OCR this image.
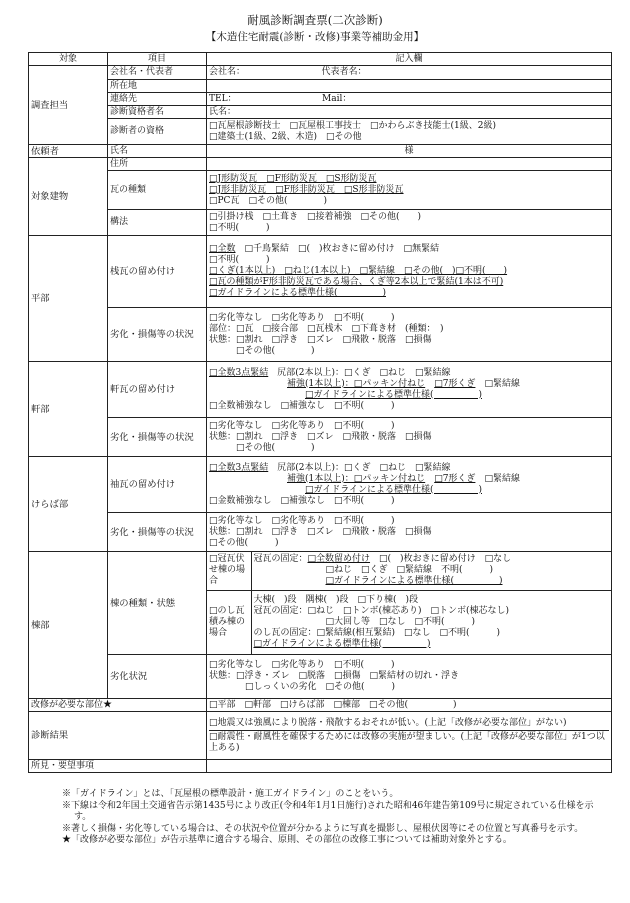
耐風診断調査票(二次診断)
【木造住宅耐震(診断・改修)事業等補助金用】
対象	項目	記入欄
調査担当	会社名・代表者	会社名：　　　　　　　　　代表者名：
所在地	
連絡先	TEL：　　　　　　　　　　Mail：
診断資格者名	氏名：
診断者の資格	
□瓦屋根診断技士　□瓦屋根工事技士　□かわらぶき技能士(1級、2級)
□建築士(1級、2級、木造)　□その他

依頼者	氏名	様
対象建物	住所	
瓦の種類	
□J形防災瓦　□F形防災瓦　□S形防災瓦
□J形非防災瓦　□F形非防災瓦　□S形非防災瓦
□PC瓦　□その他(　　　　)

構法	
□引掛け桟　□土葺き　□接着補強　□その他(　　)
□不明(　　　)

平部	桟瓦の留め付け	
□全数　 □千鳥緊結　□(　)枚おきに留め付け　□無緊結
□不明(　　　)
□くぎ(1本以上)　□ねじ(1本以上)　□緊結線　□その他(　)□不明(　　)
□瓦の種類がF形非防災瓦である場合、くぎ等2本以上で緊結(1本は不可)
□ガイドラインによる標準仕様(　　　　　)

劣化・損傷等の状況	
□劣化等なし　□劣化等あり　□不明(　　　)
部位：□瓦　□接合部　□瓦桟木　□下葺き材　(種類：　)
状態：□割れ　□浮き　□ズレ　□飛散・脱落　□損傷
　　　□その他(　　　　)

軒部	軒瓦の留め付け	
□全数3点緊結　 尻部(2本以上)：□くぎ　□ねじ　□緊結線
補強(1本以上)：□パッキン付ねじ　 □7形くぎ　 □緊結線
□ガイドラインによる標準仕様(　　　　　)
□全数補強なし　□補強なし　□不明(　　　)

劣化・損傷等の状況	
□劣化等なし　□劣化等あり　□不明(　　　)
状態：□割れ　□浮き　□ズレ　□飛散・脱落　□損傷
　　　□その他(　　　　)

けらば部	袖瓦の留め付け	
□全数3点緊結　 尻部(2本以上)：□くぎ　□ねじ　□緊結線
補強(1本以上)：□パッキン付ねじ　 □7形くぎ　 □緊結線
□ガイドラインによる標準仕様(　　　　　)
□金数補強なし　□補強なし　□不明(　　　)

劣化・損傷等の状況	
□劣化等なし　□劣化等あり　□不明(　　　)
状態：□割れ　□浮き　□ズレ　□飛散・脱落　□損傷
□その他(　　　)

棟部	棟の種類・状態	
□冠瓦伏せ棟の場合	
冠瓦の固定：□全数留め付け　 □(　)枚おきに留め付け　□なし
□ねじ　□くぎ　□緊結線　不明(　　　)
□ガイドラインによる標準仕様(　　　　　)

□のし瓦積み棟の場合	
大棟(　)段　隅棟(　)段　□下り棟(　)段
冠瓦の固定：□ねじ　□トンボ(棟芯あり)　□トンボ(棟芯なし)
□大回し等　□なし　□不明(　　　)
のし瓦の固定：□緊結線(相互緊結)　□なし　□不明(　　　)
□ガイドラインによる標準仕様(　　　　　)

劣化状況	
□劣化等なし　□劣化等あり　□不明(　　　)
状態：□浮き・ズレ　□脱落　□損傷　□緊結材の切れ・浮き
□しっくいの劣化　□その他(　　　)

改修が必要な部位★	□平部　□軒部　□けらば部　□棟部　□その他(　　　　　)
診断結果	
□地震又は強風により脱落・飛散するおそれが低い。(上記「改修が必要な部位」がない)
□耐震性・耐風性を確保するためには改修の実施が望ましい。(上記「改修が必要な部位」が1つ以上ある)

所見・要望事項	
※「ガイドライン」とは、「瓦屋根の標準設計・施工ガイドライン」のことをいう。
※下線は令和2年国土交通省告示第1435号により改正(令和4年1月1日施行)された昭和46年建告第109号に規定されている仕様を示す。
※著しく損傷・劣化等している場合は、その状況や位置が分かるように写真を撮影し、屋根伏図等にその位置と写真番号を示す。
★「改修が必要な部位」が告示基準に適合する場合、原則、その部位の改修工事については補助対象外とする。
